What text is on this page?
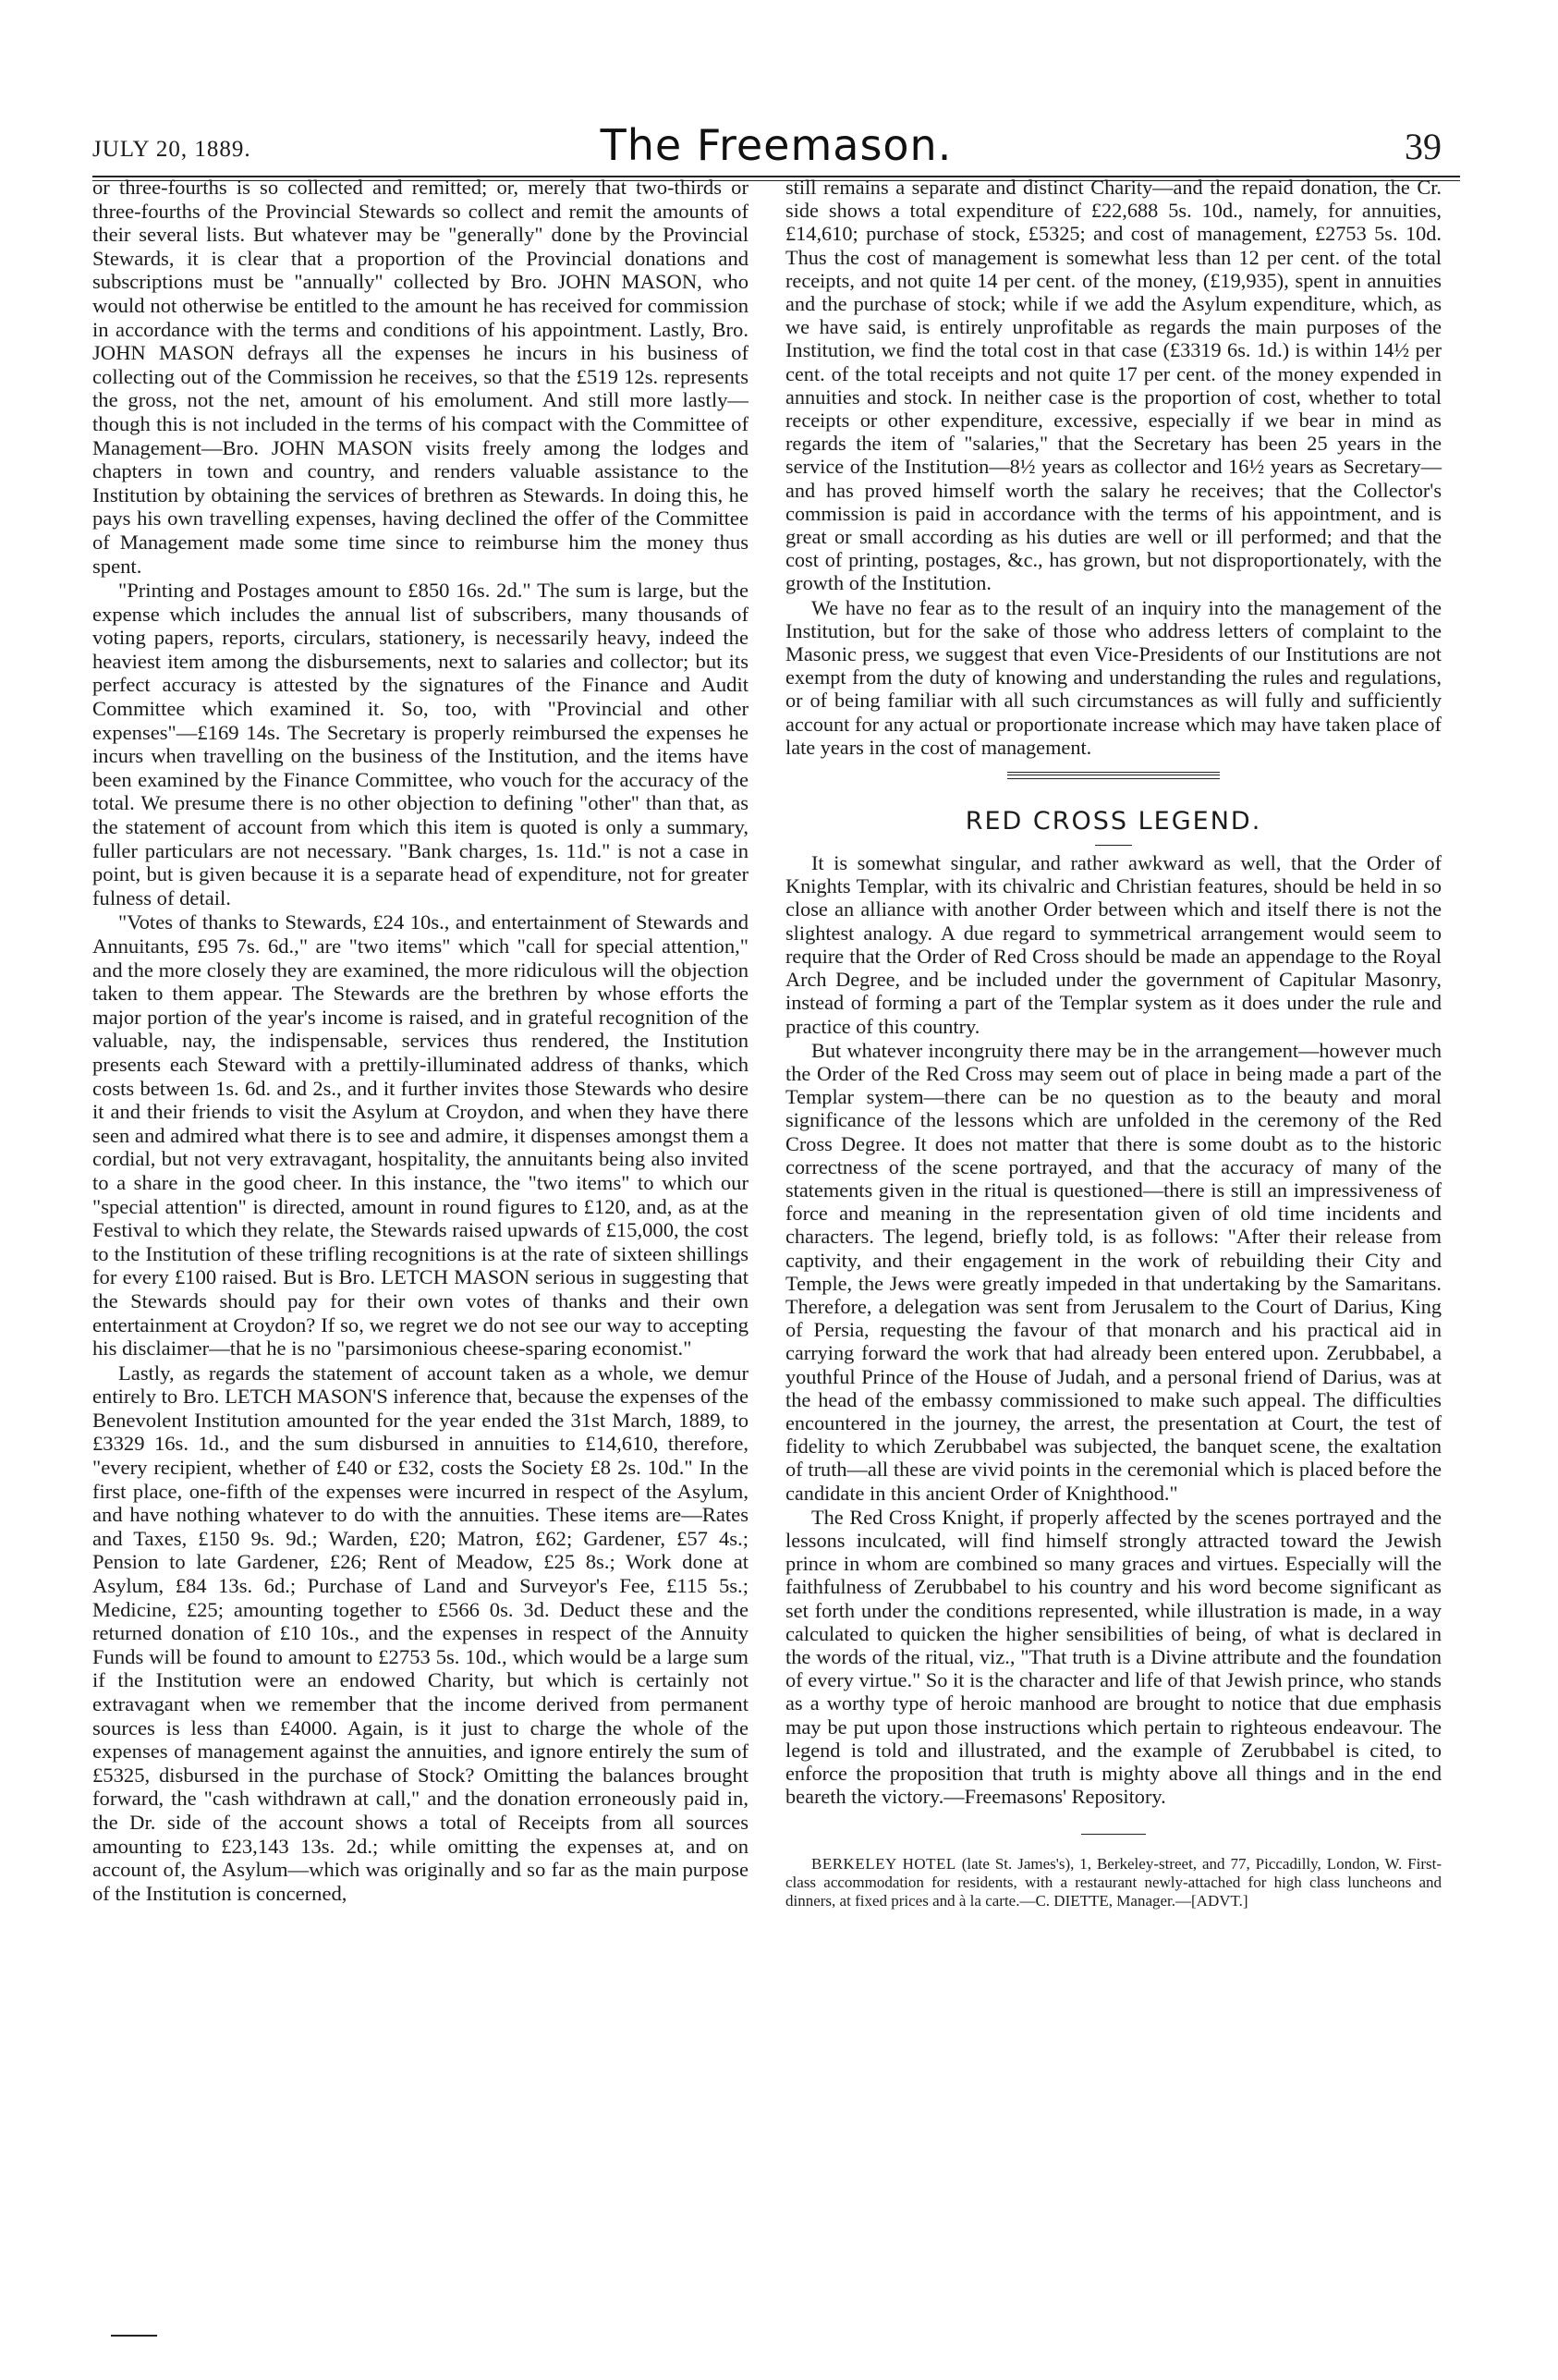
JULY 20, 1889.	The Freemason.	39

or three-fourths is so collected and remitted; or, merely that two-thirds or three-fourths of the Provincial Stewards so collect and remit the amounts of their several lists. But whatever may be "generally" done by the Provincial Stewards, it is clear that a proportion of the Provincial donations and subscriptions must be "annually" collected by Bro. JOHN MASON, who would not otherwise be entitled to the amount he has received for commission in accordance with the terms and conditions of his appointment. Lastly, Bro. JOHN MASON defrays all the expenses he incurs in his business of collecting out of the Commission he receives, so that the £519 12s. represents the gross, not the net, amount of his emolument. And still more lastly—though this is not included in the terms of his compact with the Committee of Management—Bro. JOHN MASON visits freely among the lodges and chapters in town and country, and renders valuable assistance to the Institution by obtaining the services of brethren as Stewards. In doing this, he pays his own travelling expenses, having declined the offer of the Committee of Management made some time since to reimburse him the money thus spent.

"Printing and Postages amount to £850 16s. 2d." The sum is large, but the expense which includes the annual list of subscribers, many thousands of voting papers, reports, circulars, stationery, is necessarily heavy, indeed the heaviest item among the disbursements, next to salaries and collector; but its perfect accuracy is attested by the signatures of the Finance and Audit Committee which examined it. So, too, with "Provincial and other expenses"—£169 14s. The Secretary is properly reimbursed the expenses he incurs when travelling on the business of the Institution, and the items have been examined by the Finance Committee, who vouch for the accuracy of the total. We presume there is no other objection to defining "other" than that, as the statement of account from which this item is quoted is only a summary, fuller particulars are not necessary. "Bank charges, 1s. 11d." is not a case in point, but is given because it is a separate head of expenditure, not for greater fulness of detail.

"Votes of thanks to Stewards, £24 10s., and entertainment of Stewards and Annuitants, £95 7s. 6d.," are "two items" which "call for special attention," and the more closely they are examined, the more ridiculous will the objection taken to them appear. The Stewards are the brethren by whose efforts the major portion of the year's income is raised, and in grateful recognition of the valuable, nay, the indispensable, services thus rendered, the Institution presents each Steward with a prettily-illuminated address of thanks, which costs between 1s. 6d. and 2s., and it further invites those Stewards who desire it and their friends to visit the Asylum at Croydon, and when they have there seen and admired what there is to see and admire, it dispenses amongst them a cordial, but not very extravagant, hospitality, the annuitants being also invited to a share in the good cheer. In this instance, the "two items" to which our "special attention" is directed, amount in round figures to £120, and, as at the Festival to which they relate, the Stewards raised upwards of £15,000, the cost to the Institution of these trifling recognitions is at the rate of sixteen shillings for every £100 raised. But is Bro. LETCH MASON serious in suggesting that the Stewards should pay for their own votes of thanks and their own entertainment at Croydon? If so, we regret we do not see our way to accepting his disclaimer—that he is no "parsimonious cheese-sparing economist."

Lastly, as regards the statement of account taken as a whole, we demur entirely to Bro. LETCH MASON'S inference that, because the expenses of the Benevolent Institution amounted for the year ended the 31st March, 1889, to £3329 16s. 1d., and the sum disbursed in annuities to £14,610, therefore, "every recipient, whether of £40 or £32, costs the Society £8 2s. 10d." In the first place, one-fifth of the expenses were incurred in respect of the Asylum, and have nothing whatever to do with the annuities. These items are—Rates and Taxes, £150 9s. 9d.; Warden, £20; Matron, £62; Gardener, £57 4s.; Pension to late Gardener, £26; Rent of Meadow, £25 8s.; Work done at Asylum, £84 13s. 6d.; Purchase of Land and Surveyor's Fee, £115 5s.; Medicine, £25; amounting together to £566 0s. 3d. Deduct these and the returned donation of £10 10s., and the expenses in respect of the Annuity Funds will be found to amount to £2753 5s. 10d., which would be a large sum if the Institution were an endowed Charity, but which is certainly not extravagant when we remember that the income derived from permanent sources is less than £4000. Again, is it just to charge the whole of the expenses of management against the annuities, and ignore entirely the sum of £5325, disbursed in the purchase of Stock? Omitting the balances brought forward, the "cash withdrawn at call," and the donation erroneously paid in, the Dr. side of the account shows a total of Receipts from all sources amounting to £23,143 13s. 2d.; while omitting the expenses at, and on account of, the Asylum—which was originally and so far as the main purpose of the Institution is concerned,

still remains a separate and distinct Charity—and the repaid donation, the Cr. side shows a total expenditure of £22,688 5s. 10d., namely, for annuities, £14,610; purchase of stock, £5325; and cost of management, £2753 5s. 10d. Thus the cost of management is somewhat less than 12 per cent. of the total receipts, and not quite 14 per cent. of the money, (£19,935), spent in annuities and the purchase of stock; while if we add the Asylum expenditure, which, as we have said, is entirely unprofitable as regards the main purposes of the Institution, we find the total cost in that case (£3319 6s. 1d.) is within 14½ per cent. of the total receipts and not quite 17 per cent. of the money expended in annuities and stock. In neither case is the proportion of cost, whether to total receipts or other expenditure, excessive, especially if we bear in mind as regards the item of "salaries," that the Secretary has been 25 years in the service of the Institution—8½ years as collector and 16½ years as Secretary—and has proved himself worth the salary he receives; that the Collector's commission is paid in accordance with the terms of his appointment, and is great or small according as his duties are well or ill performed; and that the cost of printing, postages, &c., has grown, but not disproportionately, with the growth of the Institution.

We have no fear as to the result of an inquiry into the management of the Institution, but for the sake of those who address letters of complaint to the Masonic press, we suggest that even Vice-Presidents of our Institutions are not exempt from the duty of knowing and understanding the rules and regulations, or of being familiar with all such circumstances as will fully and sufficiently account for any actual or proportionate increase which may have taken place of late years in the cost of management.

RED CROSS LEGEND.

It is somewhat singular, and rather awkward as well, that the Order of Knights Templar, with its chivalric and Christian features, should be held in so close an alliance with another Order between which and itself there is not the slightest analogy. A due regard to symmetrical arrangement would seem to require that the Order of Red Cross should be made an appendage to the Royal Arch Degree, and be included under the government of Capitular Masonry, instead of forming a part of the Templar system as it does under the rule and practice of this country.

But whatever incongruity there may be in the arrangement—however much the Order of the Red Cross may seem out of place in being made a part of the Templar system—there can be no question as to the beauty and moral significance of the lessons which are unfolded in the ceremony of the Red Cross Degree. It does not matter that there is some doubt as to the historic correctness of the scene portrayed, and that the accuracy of many of the statements given in the ritual is questioned—there is still an impressiveness of force and meaning in the representation given of old time incidents and characters. The legend, briefly told, is as follows: "After their release from captivity, and their engagement in the work of rebuilding their City and Temple, the Jews were greatly impeded in that undertaking by the Samaritans. Therefore, a delegation was sent from Jerusalem to the Court of Darius, King of Persia, requesting the favour of that monarch and his practical aid in carrying forward the work that had already been entered upon. Zerubbabel, a youthful Prince of the House of Judah, and a personal friend of Darius, was at the head of the embassy commissioned to make such appeal. The difficulties encountered in the journey, the arrest, the presentation at Court, the test of fidelity to which Zerubbabel was subjected, the banquet scene, the exaltation of truth—all these are vivid points in the ceremonial which is placed before the candidate in this ancient Order of Knighthood."

The Red Cross Knight, if properly affected by the scenes portrayed and the lessons inculcated, will find himself strongly attracted toward the Jewish prince in whom are combined so many graces and virtues. Especially will the faithfulness of Zerubbabel to his country and his word become significant as set forth under the conditions represented, while illustration is made, in a way calculated to quicken the higher sensibilities of being, of what is declared in the words of the ritual, viz., "That truth is a Divine attribute and the foundation of every virtue." So it is the character and life of that Jewish prince, who stands as a worthy type of heroic manhood are brought to notice that due emphasis may be put upon those instructions which pertain to righteous endeavour. The legend is told and illustrated, and the example of Zerubbabel is cited, to enforce the proposition that truth is mighty above all things and in the end beareth the victory.—Freemasons' Repository.

BERKELEY HOTEL (late St. James's), 1, Berkeley-street, and 77, Piccadilly, London, W. First-class accommodation for residents, with a restaurant newly-attached for high class luncheons and dinners, at fixed prices and à la carte.—C. DIETTE, Manager.—[ADVT.]
